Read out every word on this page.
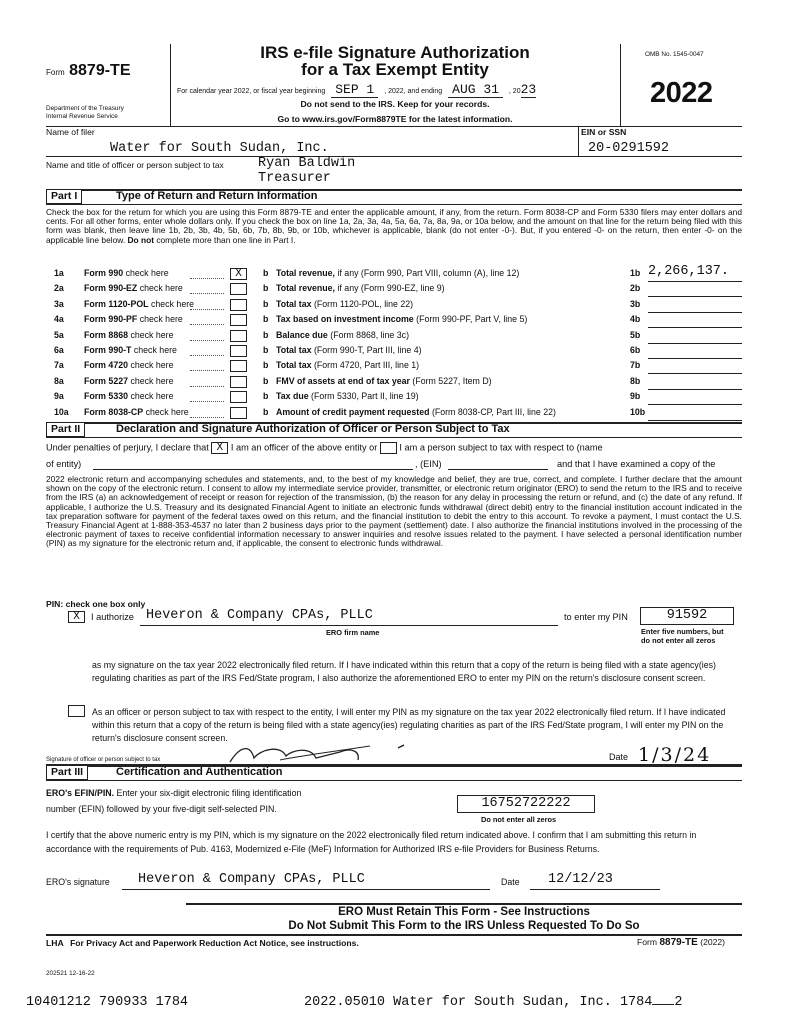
Form 8879-TE
Department of the Treasury
Internal Revenue Service
IRS e-file Signature Authorization
for a Tax Exempt Entity
For calendar year 2022, or fiscal year beginning SEP 1 , 2022, and ending AUG 31 , 2023
Do not send to the IRS. Keep for your records.
Go to www.irs.gov/Form8879TE for the latest information.
OMB No. 1545-0047
2022
Name of filer
Water for South Sudan, Inc.
EIN or SSN
20-0291592
Name and title of officer or person subject to tax	Ryan Baldwin
Treasurer
Part I	Type of Return and Return Information
Check the box for the return for which you are using this Form 8879-TE and enter the applicable amount, if any, from the return. Form 8038-CP and Form 5330 filers may enter dollars and cents. For all other forms, enter whole dollars only. If you check the box on line 1a, 2a, 3a, 4a, 5a, 6a, 7a, 8a, 9a, or 10a below, and the amount on that line for the return being filed with this form was blank, then leave line 1b, 2b, 3b, 4b, 5b, 6b, 7b, 8b, 9b, or 10b, whichever is applicable, blank (do not enter -0-). But, if you entered -0- on the return, then enter -0- on the applicable line below. Do not complete more than one line in Part I.
1a Form 990 check here	X	b Total revenue, if any (Form 990, Part VIII, column (A), line 12)	1b 2,266,137.
2a Form 990-EZ check here	b Total revenue, if any (Form 990-EZ, line 9)	2b
3a Form 1120-POL check here	b Total tax (Form 1120-POL, line 22)	3b
4a Form 990-PF check here	b Tax based on investment income (Form 990-PF, Part V, line 5)	4b
5a Form 8868 check here	b Balance due (Form 8868, line 3c)	5b
6a Form 990-T check here	b Total tax (Form 990-T, Part III, line 4)	6b
7a Form 4720 check here	b Total tax (Form 4720, Part III, line 1)	7b
8a Form 5227 check here	b FMV of assets at end of tax year (Form 5227, Item D)	8b
9a Form 5330 check here	b Tax due (Form 5330, Part II, line 19)	9b
10a Form 8038-CP check here	b Amount of credit payment requested (Form 8038-CP, Part III, line 22)	10b
Part II	Declaration and Signature Authorization of Officer or Person Subject to Tax
Under penalties of perjury, I declare that X I am an officer of the above entity or I am a person subject to tax with respect to (name
of entity)	, (EIN)	and that I have examined a copy of the
2022 electronic return and accompanying schedules and statements, and, to the best of my knowledge and belief, they are true, correct, and complete. I further declare that the amount shown on the copy of the electronic return. I consent to allow my intermediate service provider, transmitter, or electronic return originator (ERO) to send the return to the IRS and to receive from the IRS (a) an acknowledgement of receipt or reason for rejection of the transmission, (b) the reason for any delay in processing the return or refund, and (c) the date of any refund. If applicable, I authorize the U.S. Treasury and its designated Financial Agent to initiate an electronic funds withdrawal (direct debit) entry to the financial institution account indicated in the tax preparation software for payment of the federal taxes owed on this return, and the financial institution to debit the entry to this account. To revoke a payment, I must contact the U.S. Treasury Financial Agent at 1-888-353-4537 no later than 2 business days prior to the payment (settlement) date. I also authorize the financial institutions involved in the processing of the electronic payment of taxes to receive confidential information necessary to answer inquiries and resolve issues related to the payment. I have selected a personal identification number (PIN) as my signature for the electronic return and, if applicable, the consent to electronic funds withdrawal.
PIN: check one box only
X	I authorize Heveron & Company CPAs, PLLC
ERO firm name
to enter my PIN	91592
Enter five numbers, but
do not enter all zeros
as my signature on the tax year 2022 electronically filed return. If I have indicated within this return that a copy of the return is being filed with a state agency(ies) regulating charities as part of the IRS Fed/State program, I also authorize the aforementioned ERO to enter my PIN on the return's disclosure consent screen.
As an officer or person subject to tax with respect to the entity, I will enter my PIN as my signature on the tax year 2022 electronically filed return. If I have indicated within this return that a copy of the return is being filed with a state agency(ies) regulating charities as part of the IRS Fed/State program, I will enter my PIN on the return's disclosure consent screen.
Signature of officer or person subject to tax	Date 1/3/24
Part III	Certification and Authentication
ERO's EFIN/PIN. Enter your six-digit electronic filing identification
number (EFIN) followed by your five-digit self-selected PIN.	16752722222
Do not enter all zeros
I certify that the above numeric entry is my PIN, which is my signature on the 2022 electronically filed return indicated above. I confirm that I am submitting this return in accordance with the requirements of Pub. 4163, Modernized e-File (MeF) Information for Authorized IRS e-file Providers for Business Returns.
ERO's signature Heveron & Company CPAs, PLLC	Date 12/12/23
ERO Must Retain This Form - See Instructions
Do Not Submit This Form to the IRS Unless Requested To Do So
LHA For Privacy Act and Paperwork Reduction Act Notice, see instructions.	Form 8879-TE (2022)
202521 12-16-22
10401212 790933 1784	2022.05010 Water for South Sudan, Inc. 1784 2
